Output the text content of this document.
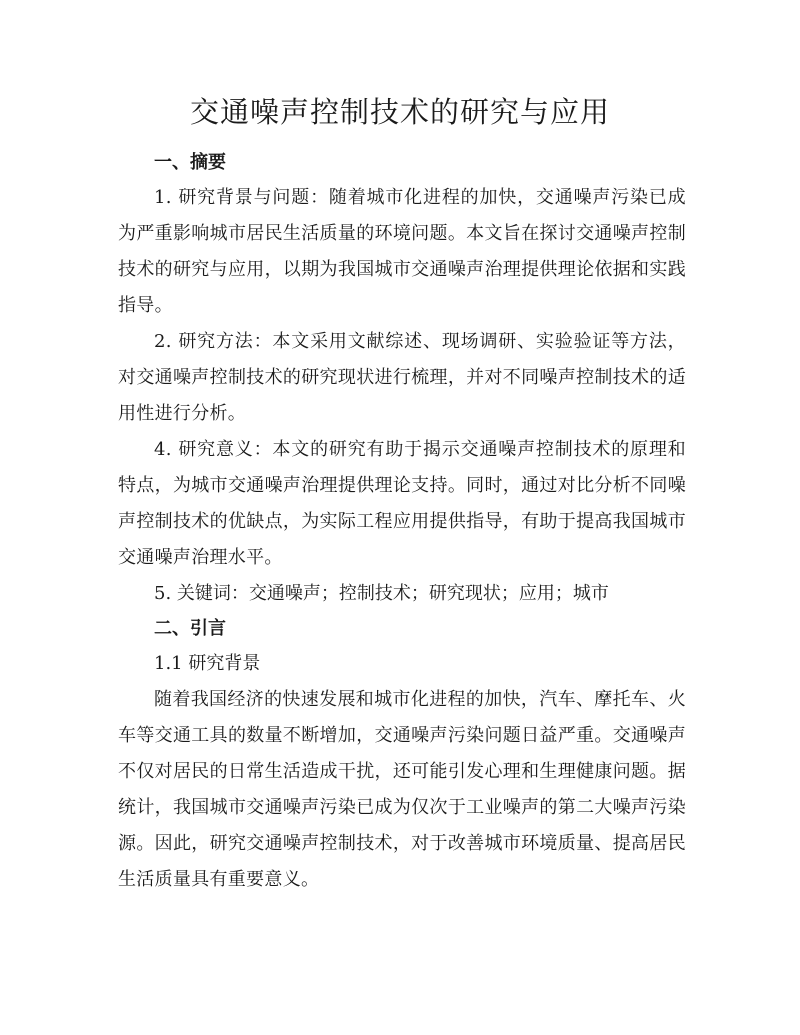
交通噪声控制技术的研究与应用
一、摘要

1. 研究背景与问题：随着城市化进程的加快，交通噪声污染已成为严重影响城市居民生活质量的环境问题。本文旨在探讨交通噪声控制技术的研究与应用，以期为我国城市交通噪声治理提供理论依据和实践指导。

2. 研究方法：本文采用文献综述、现场调研、实验验证等方法，对交通噪声控制技术的研究现状进行梳理，并对不同噪声控制技术的适用性进行分析。

4. 研究意义：本文的研究有助于揭示交通噪声控制技术的原理和特点，为城市交通噪声治理提供理论支持。同时，通过对比分析不同噪声控制技术的优缺点，为实际工程应用提供指导，有助于提高我国城市交通噪声治理水平。

5. 关键词：交通噪声；控制技术；研究现状；应用；城市

二、引言

1.1 研究背景

随着我国经济的快速发展和城市化进程的加快，汽车、摩托车、火车等交通工具的数量不断增加，交通噪声污染问题日益严重。交通噪声不仅对居民的日常生活造成干扰，还可能引发心理和生理健康问题。据统计，我国城市交通噪声污染已成为仅次于工业噪声的第二大噪声污染源。因此，研究交通噪声控制技术，对于改善城市环境质量、提高居民生活质量具有重要意义。
